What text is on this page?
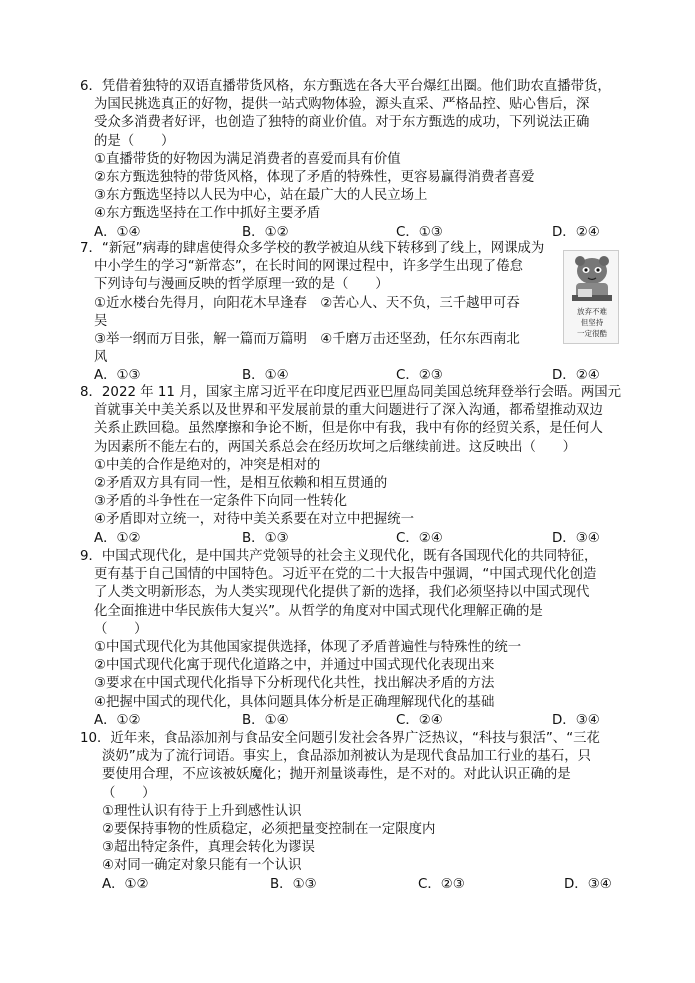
6．凭借着独特的双语直播带货风格，东方甄选在各大平台爆红出圈。他们助农直播带货，
为国民挑选真正的好物，提供一站式购物体验，源头直采、严格品控、贴心售后，深
受众多消费者好评，也创造了独特的商业价值。对于东方甄选的成功，下列说法正确
的是（　　）
①直播带货的好物因为满足消费者的喜爱而具有价值
②东方甄选独特的带货风格，体现了矛盾的特殊性，更容易赢得消费者喜爱
③东方甄选坚持以人民为中心，站在最广大的人民立场上
④东方甄选坚持在工作中抓好主要矛盾
A．①④	B．①②	C．①③	D．②④
7．“新冠”病毒的肆虐使得众多学校的教学被迫从线下转移到了线上，网课成为
中小学生的学习“新常态”，在长时间的网课过程中，许多学生出现了倦怠
下列诗句与漫画反映的哲学原理一致的是（　　）
①近水楼台先得月，向阳花木早逢春　②苦心人、天不负，三千越甲可吞
吴
③举一纲而万目张，解一篇而万篇明　④千磨万击还坚劲，任尔东西南北
风
A．①③	B．①④	C．②③	D．②④
放弃不难
但坚持
一定很酷
8．2022 年 11 月，国家主席习近平在印度尼西亚巴厘岛同美国总统拜登举行会晤。两国元
首就事关中美关系以及世界和平发展前景的重大问题进行了深入沟通，都希望推动双边
关系止跌回稳。虽然摩擦和争论不断，但是你中有我，我中有你的经贸关系，是任何人
为因素所不能左右的，两国关系总会在经历坎坷之后继续前进。这反映出（　　）
①中美的合作是绝对的，冲突是相对的
②矛盾双方具有同一性，是相互依赖和相互贯通的
③矛盾的斗争性在一定条件下向同一性转化
④矛盾即对立统一，对待中美关系要在对立中把握统一
A．①②	B．①③	C．②④	D．③④
9．中国式现代化，是中国共产党领导的社会主义现代化，既有各国现代化的共同特征，
更有基于自己国情的中国特色。习近平在党的二十大报告中强调，“中国式现代化创造
了人类文明新形态，为人类实现现代化提供了新的选择，我们必须坚持以中国式现代
化全面推进中华民族伟大复兴”。从哲学的角度对中国式现代化理解正确的是
（　　）
①中国式现代化为其他国家提供选择，体现了矛盾普遍性与特殊性的统一
②中国式现代化寓于现代化道路之中，并通过中国式现代化表现出来
③要求在中国式现代化指导下分析现代化共性，找出解决矛盾的方法
④把握中国式的现代化，具体问题具体分析是正确理解现代化的基础
A．①②	B．①④	C．②④	D．③④
10．近年来，食品添加剂与食品安全问题引发社会各界广泛热议，“科技与狠活”、“三花
淡奶”成为了流行词语。事实上，食品添加剂被认为是现代食品加工行业的基石，只
要使用合理，不应该被妖魔化；抛开剂量谈毒性，是不对的。对此认识正确的是
（　　）
①理性认识有待于上升到感性认识
②要保持事物的性质稳定，必须把量变控制在一定限度内
③超出特定条件，真理会转化为谬误
④对同一确定对象只能有一个认识
A．①②	B．①③	C．②③	D．③④
